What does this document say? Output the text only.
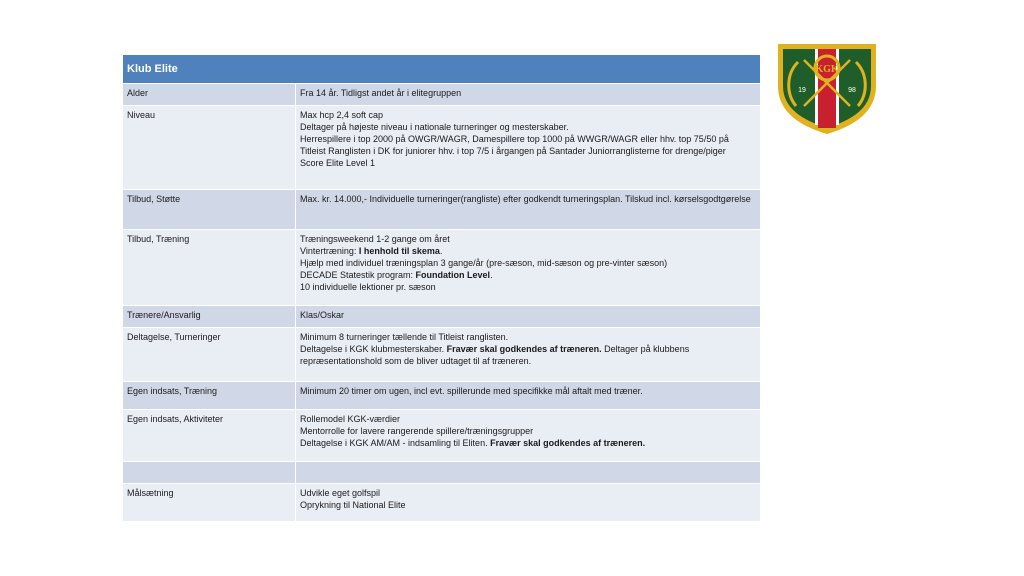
Klub Elite	
Alder	Fra 14 år. Tidligst andet år i elitegruppen

Niveau	Max hcp 2,4 soft cap
Deltager på højeste niveau i nationale turneringer og mesterskaber.
Herrespillere i top 2000 på OWGR/WAGR, Damespillere top 1000 på WWGR/WAGR eller hhv. top 75/50 på Titleist Ranglisten i DK for juniorer hhv. i top 7/5 i årgangen på Santader Juniorranglisterne for drenge/piger
Score Elite Level 1

Tilbud, Støtte	Max. kr. 14.000,- Individuelle turneringer(rangliste) efter godkendt turneringsplan. Tilskud incl. kørselsgodtgørelse

Tilbud, Træning	Træningsweekend 1-2 gange om året
Vintertræning: I henhold til skema.
Hjælp med individuel træningsplan 3 gange/år (pre-sæson, mid-sæson og pre-vinter sæson)
DECADE Statestik program: Foundation Level.
10 individuelle lektioner pr. sæson

Trænere/Ansvarlig	Klas/Oskar

Deltagelse, Turneringer	Minimum 8 turneringer tællende til Titleist ranglisten.
Deltagelse i KGK klubmesterskaber. Fravær skal godkendes af træneren. Deltager på klubbens repræsentationshold som de bliver udtaget til af træneren.

Egen indsats, Træning	Minimum 20 timer om ugen, incl evt. spillerunde med specifikke mål aftalt med træner.

Egen indsats, Aktiviteter	Rollemodel KGK-værdier
Mentorrolle for lavere rangerende spillere/træningsgrupper
Deltagelse i KGK AM/AM - indsamling til Eliten. Fravær skal godkendes af træneren.

Målsætning	Udvikle eget golfspil
Oprykning til National Elite
KGK
19	98
